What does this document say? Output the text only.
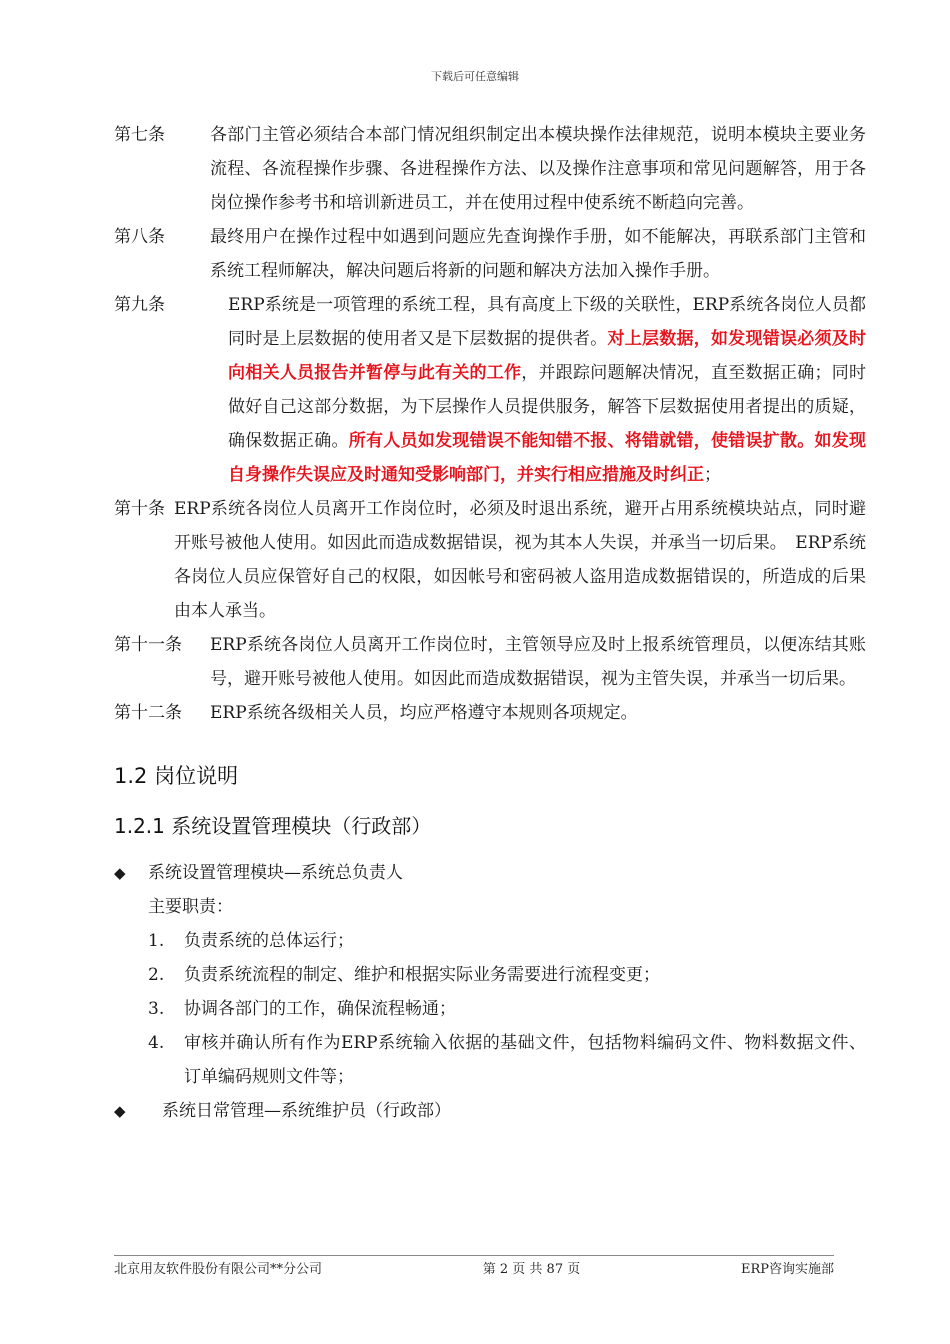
下载后可任意编辑
第七条	各部门主管必须结合本部门情况组织制定出本模块操作法律规范，说明本模块主要业务流程、各流程操作步骤、各进程操作方法、以及操作注意事项和常见问题解答，用于各岗位操作参考书和培训新进员工，并在使用过程中使系统不断趋向完善。
第八条	最终用户在操作过程中如遇到问题应先查询操作手册，如不能解决，再联系部门主管和系统工程师解决，解决问题后将新的问题和解决方法加入操作手册。
第九条	ERP系统是一项管理的系统工程，具有高度上下级的关联性，ERP系统各岗位人员都同时是上层数据的使用者又是下层数据的提供者。对上层数据，如发现错误必须及时向相关人员报告并暂停与此有关的工作，并跟踪问题解决情况，直至数据正确；同时做好自己这部分数据，为下层操作人员提供服务，解答下层数据使用者提出的质疑，确保数据正确。所有人员如发现错误不能知错不报、将错就错，使错误扩散。如发现自身操作失误应及时通知受影响部门，并实行相应措施及时纠正；
第十条 ERP系统各岗位人员离开工作岗位时，必须及时退出系统，避开占用系统模块站点，同时避开账号被他人使用。如因此而造成数据错误，视为其本人失误，并承当一切后果。　ERP系统各岗位人员应保管好自己的权限，如因帐号和密码被人盗用造成数据错误的，所造成的后果由本人承当。
第十一条	ERP系统各岗位人员离开工作岗位时，主管领导应及时上报系统管理员，以便冻结其账号，避开账号被他人使用。如因此而造成数据错误，视为主管失误，并承当一切后果。
第十二条	ERP系统各级相关人员，均应严格遵守本规则各项规定。
1.2 岗位说明
1.2.1 系统设置管理模块（行政部）
◆	系统设置管理模块—系统总负责人
主要职责：
1.	负责系统的总体运行；
2.	负责系统流程的制定、维护和根据实际业务需要进行流程变更；
3.	协调各部门的工作，确保流程畅通；
4.	审核并确认所有作为ERP系统输入依据的基础文件，包括物料编码文件、物料数据文件、订单编码规则文件等；
◆	系统日常管理—系统维护员（行政部）
北京用友软件股份有限公司**分公司	第 2 页 共 87 页	ERP咨询实施部
